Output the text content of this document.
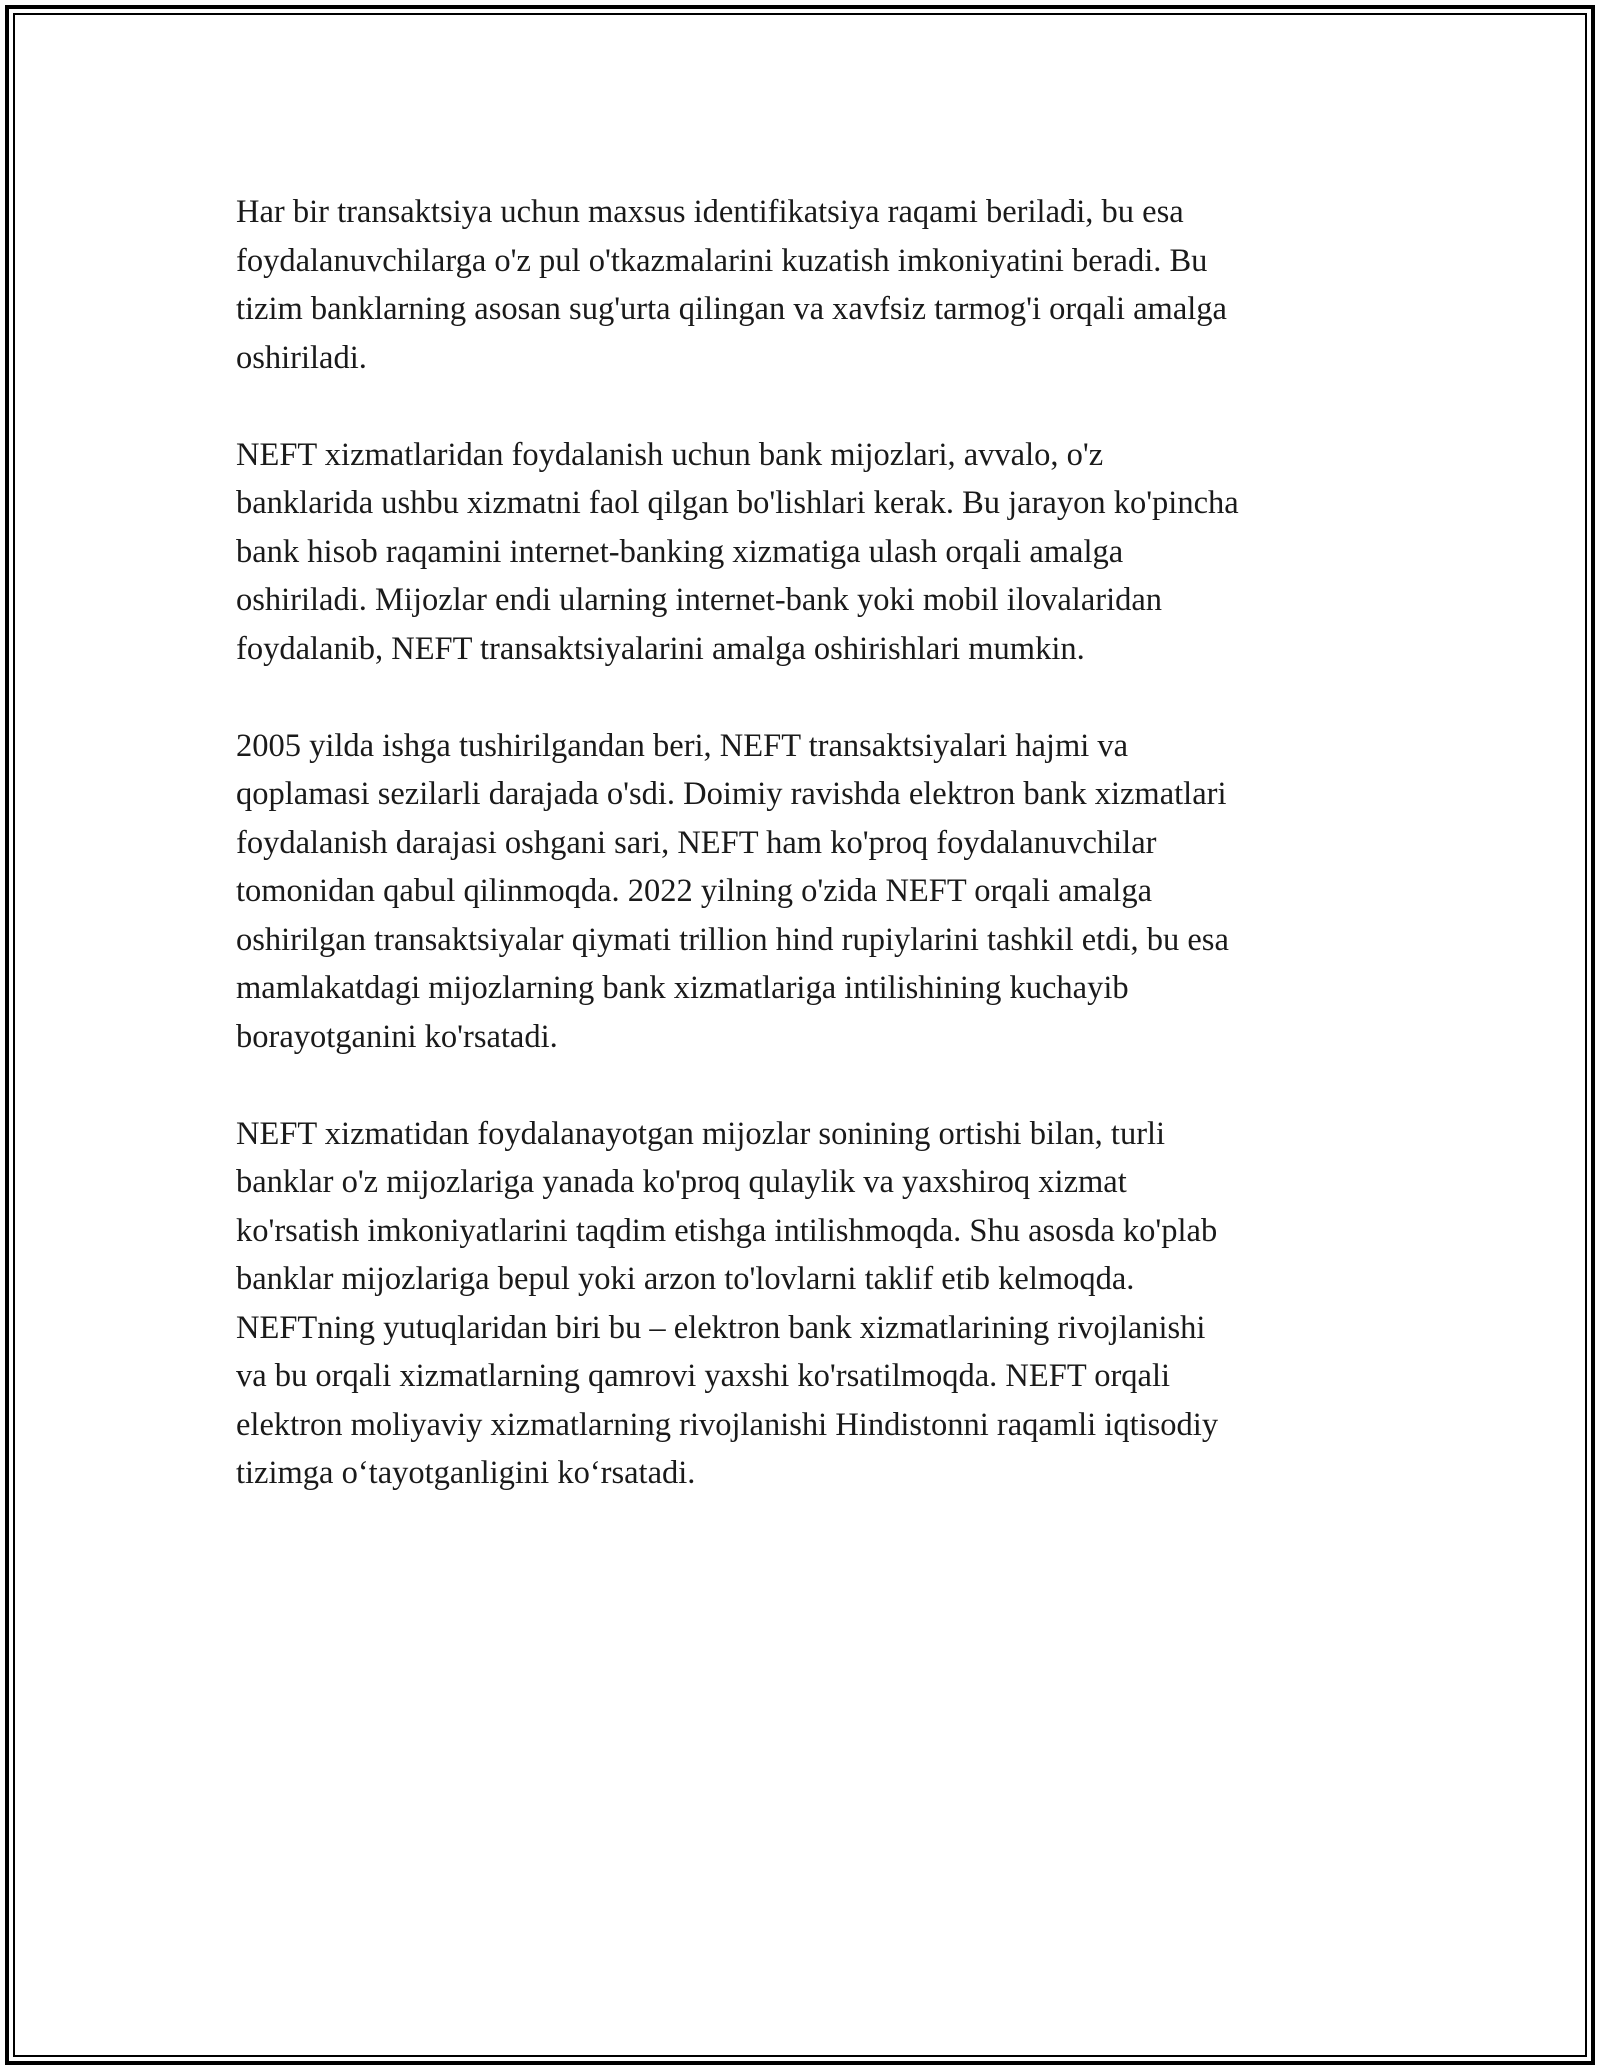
Har bir transaktsiya uchun maxsus identifikatsiya raqami beriladi, bu esa
foydalanuvchilarga o'z pul o'tkazmalarini kuzatish imkoniyatini beradi. Bu
tizim banklarning asosan sug'urta qilingan va xavfsiz tarmog'i orqali amalga
oshiriladi.

NEFT xizmatlaridan foydalanish uchun bank mijozlari, avvalo, o'z
banklarida ushbu xizmatni faol qilgan bo'lishlari kerak. Bu jarayon ko'pincha
bank hisob raqamini internet-banking xizmatiga ulash orqali amalga
oshiriladi. Mijozlar endi ularning internet-bank yoki mobil ilovalaridan
foydalanib, NEFT transaktsiyalarini amalga oshirishlari mumkin.

2005 yilda ishga tushirilgandan beri, NEFT transaktsiyalari hajmi va
qoplamasi sezilarli darajada o'sdi. Doimiy ravishda elektron bank xizmatlari
foydalanish darajasi oshgani sari, NEFT ham ko'proq foydalanuvchilar
tomonidan qabul qilinmoqda. 2022 yilning o'zida NEFT orqali amalga
oshirilgan transaktsiyalar qiymati trillion hind rupiylarini tashkil etdi, bu esa
mamlakatdagi mijozlarning bank xizmatlariga intilishining kuchayib
borayotganini ko'rsatadi.

NEFT xizmatidan foydalanayotgan mijozlar sonining ortishi bilan, turli
banklar o'z mijozlariga yanada ko'proq qulaylik va yaxshiroq xizmat
ko'rsatish imkoniyatlarini taqdim etishga intilishmoqda. Shu asosda ko'plab
banklar mijozlariga bepul yoki arzon to'lovlarni taklif etib kelmoqda.
NEFTning yutuqlaridan biri bu – elektron bank xizmatlarining rivojlanishi
va bu orqali xizmatlarning qamrovi yaxshi ko'rsatilmoqda. NEFT orqali
elektron moliyaviy xizmatlarning rivojlanishi Hindistonni raqamli iqtisodiy
tizimga oʻtayotganligini koʻrsatadi.
